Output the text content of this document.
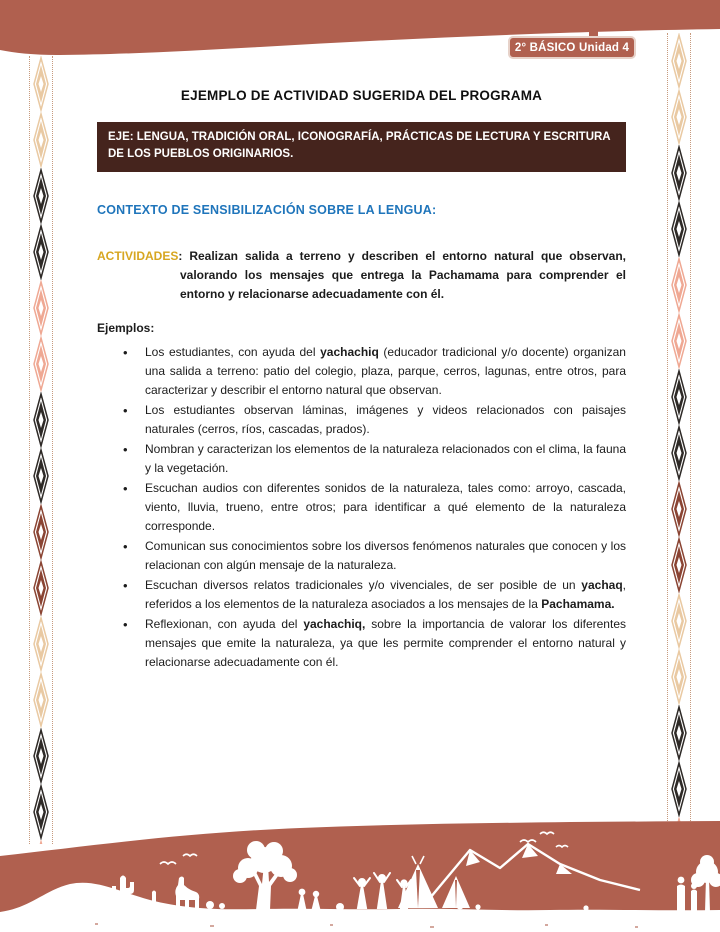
2° BÁSICO Unidad 4
EJEMPLO DE ACTIVIDAD SUGERIDA DEL PROGRAMA
EJE: LENGUA, TRADICIÓN ORAL, ICONOGRAFÍA, PRÁCTICAS DE LECTURA Y ESCRITURA DE LOS PUEBLOS ORIGINARIOS.
CONTEXTO DE SENSIBILIZACIÓN SOBRE LA LENGUA:

ACTIVIDADES: Realizan salida a terreno y describen el entorno natural que observan, valorando los mensajes que entrega la Pachamama para comprender el entorno y relacionarse adecuadamente con él.

Ejemplos:
• Los estudiantes, con ayuda del yachachiq (educador tradicional y/o docente) organizan una salida a terreno: patio del colegio, plaza, parque, cerros, lagunas, entre otros, para caracterizar y describir el entorno natural que observan.
• Los estudiantes observan láminas, imágenes y videos relacionados con paisajes naturales (cerros, ríos, cascadas, prados).
• Nombran y caracterizan los elementos de la naturaleza relacionados con el clima, la fauna y la vegetación.
• Escuchan audios con diferentes sonidos de la naturaleza, tales como: arroyo, cascada, viento, lluvia, trueno, entre otros; para identificar a qué elemento de la naturaleza corresponde.
• Comunican sus conocimientos sobre los diversos fenómenos naturales que conocen y los relacionan con algún mensaje de la naturaleza.
• Escuchan diversos relatos tradicionales y/o vivenciales, de ser posible de un yachaq, referidos a los elementos de la naturaleza asociados a los mensajes de la Pachamama.
• Reflexionan, con ayuda del yachachiq, sobre la importancia de valorar los diferentes mensajes que emite la naturaleza, ya que les permite comprender el entorno natural y relacionarse adecuadamente con él.
